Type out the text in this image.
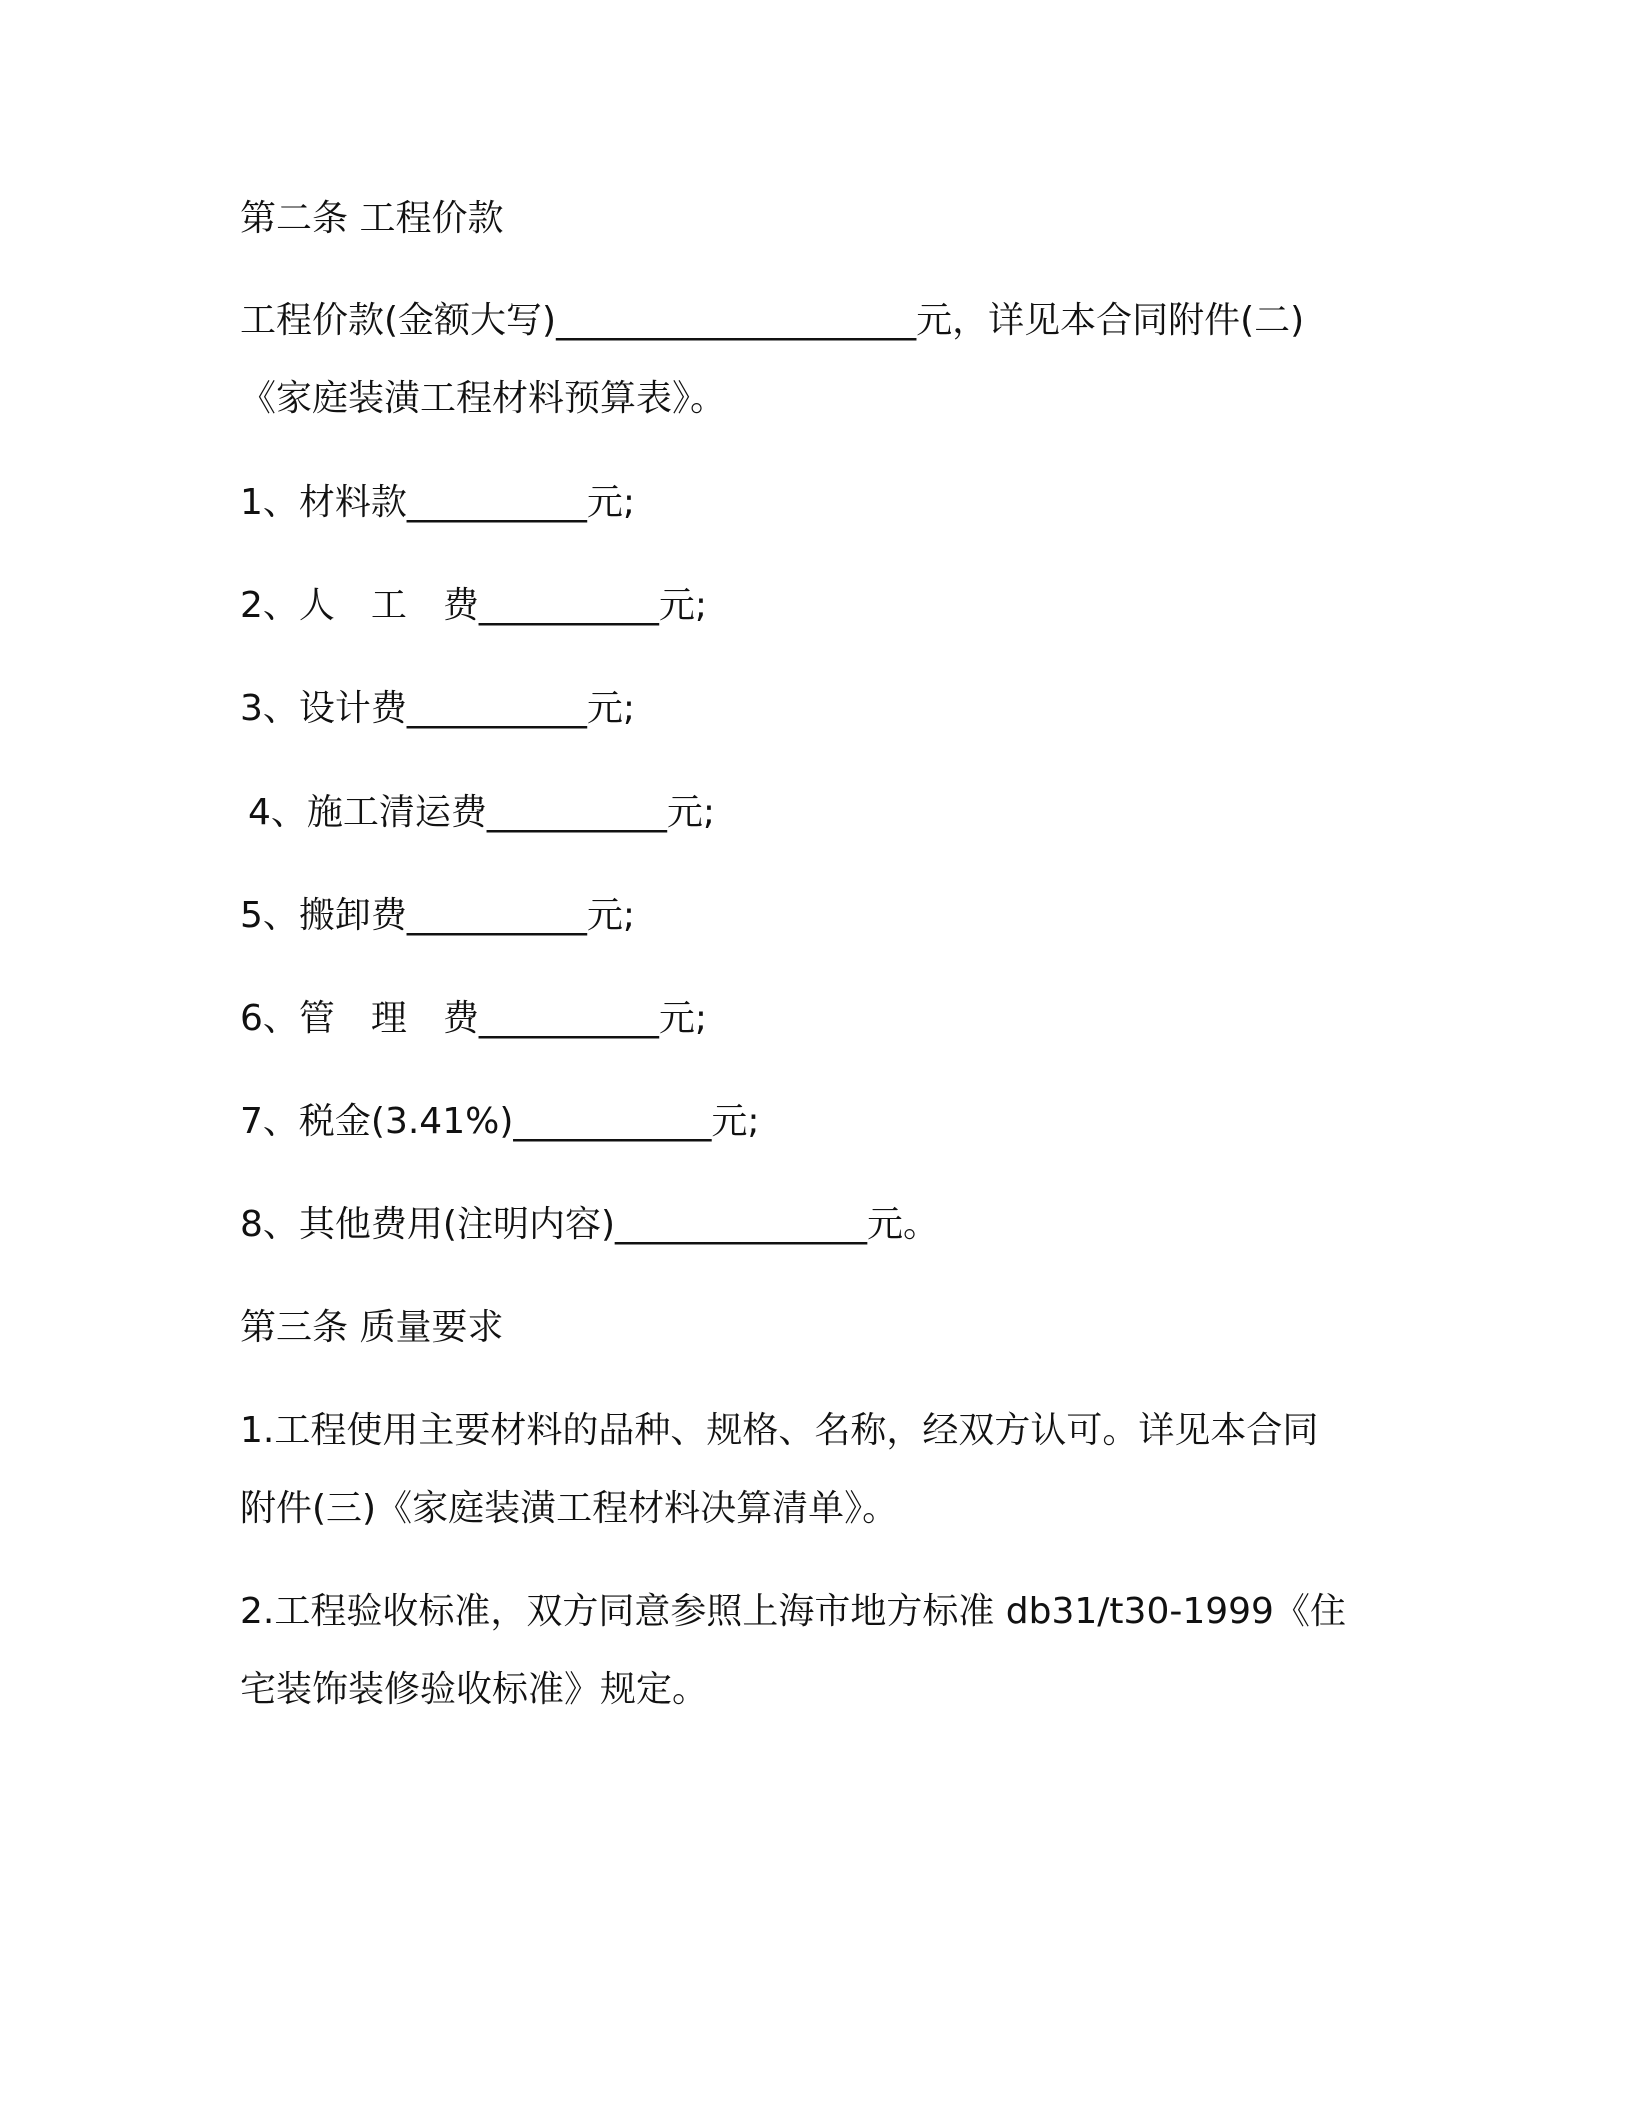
第二条 工程价款

工程价款(金额大写)____________________元，详见本合同附件(二)

《家庭装潢工程材料预算表》。

1、材料款__________元;

2、人　工　费__________元;

3、设计费__________元;

4、施工清运费__________元;

5、搬卸费__________元;

6、管　理　费__________元;

7、税金(3.41%)___________元;

8、其他费用(注明内容)______________元。

第三条 质量要求

1.工程使用主要材料的品种、规格、名称，经双方认可。详见本合同

附件(三)《家庭装潢工程材料决算清单》。

2.工程验收标准，双方同意参照上海市地方标准 db31/t30-1999《住

宅装饰装修验收标准》规定。
